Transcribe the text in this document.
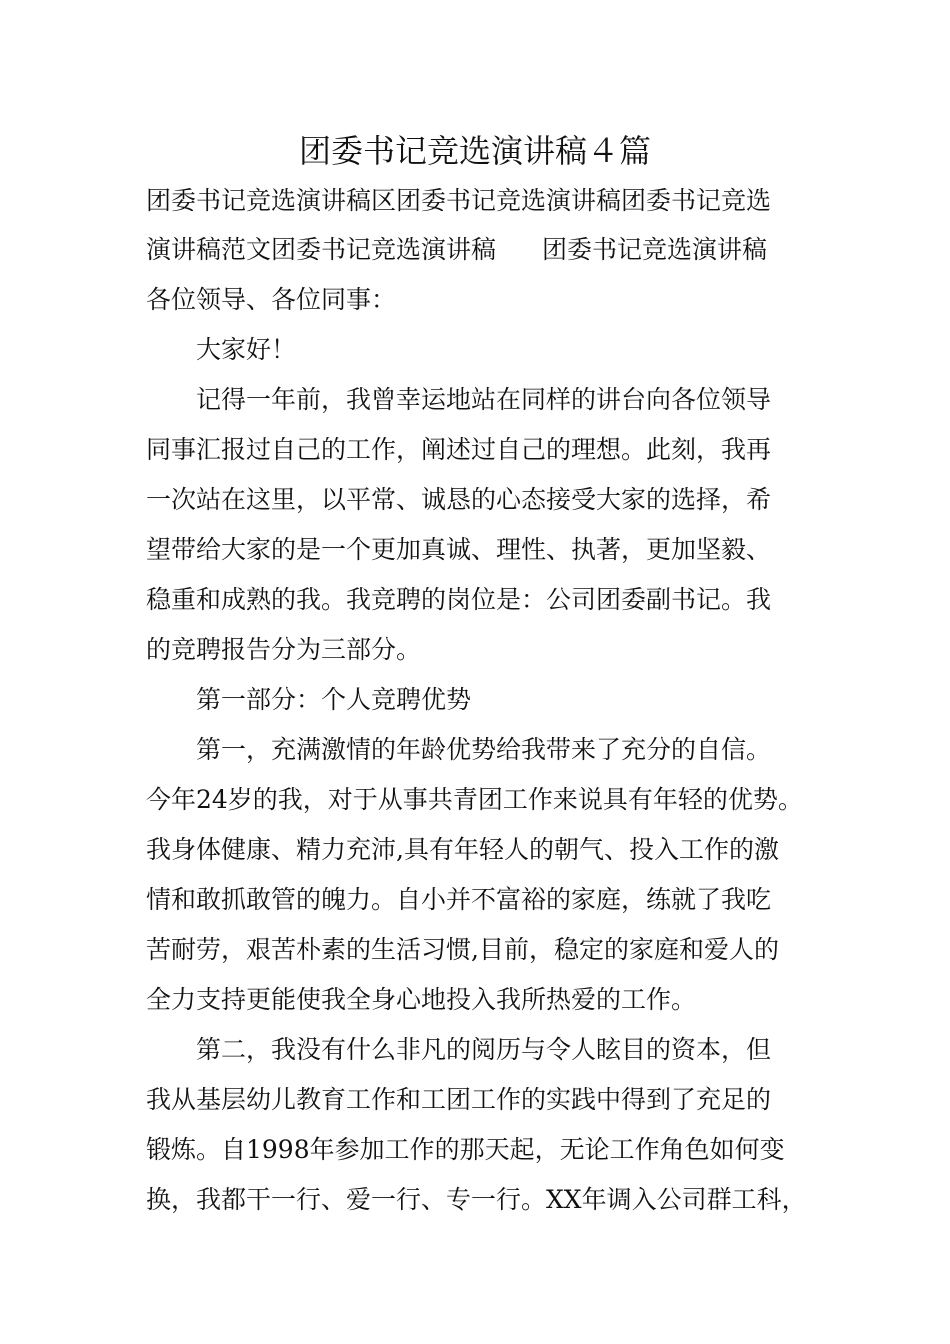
团委书记竞选演讲稿４篇
团委书记竞选演讲稿区团委书记竞选演讲稿团委书记竞选
演讲稿范文团委书记竞选演讲稿 团委书记竞选演讲稿
各位领导、各位同事：
大家好！
记得一年前，我曾幸运地站在同样的讲台向各位领导
同事汇报过自己的工作，阐述过自己的理想。此刻，我再
一次站在这里，以平常、诚恳的心态接受大家的选择，希
望带给大家的是一个更加真诚、理性、执著，更加坚毅、
稳重和成熟的我。我竞聘的岗位是：公司团委副书记。我
的竞聘报告分为三部分。
第一部分：个人竞聘优势
第一，充满激情的年龄优势给我带来了充分的自信。
今年24岁的我，对于从事共青团工作来说具有年轻的优势。
我身体健康、精力充沛,具有年轻人的朝气、投入工作的激
情和敢抓敢管的魄力。自小并不富裕的家庭，练就了我吃
苦耐劳，艰苦朴素的生活习惯,目前，稳定的家庭和爱人的
全力支持更能使我全身心地投入我所热爱的工作。
第二，我没有什么非凡的阅历与令人眩目的资本，但
我从基层幼儿教育工作和工团工作的实践中得到了充足的
锻炼。自1998年参加工作的那天起，无论工作角色如何变
换，我都干一行、爱一行、专一行。XX年调入公司群工科，
